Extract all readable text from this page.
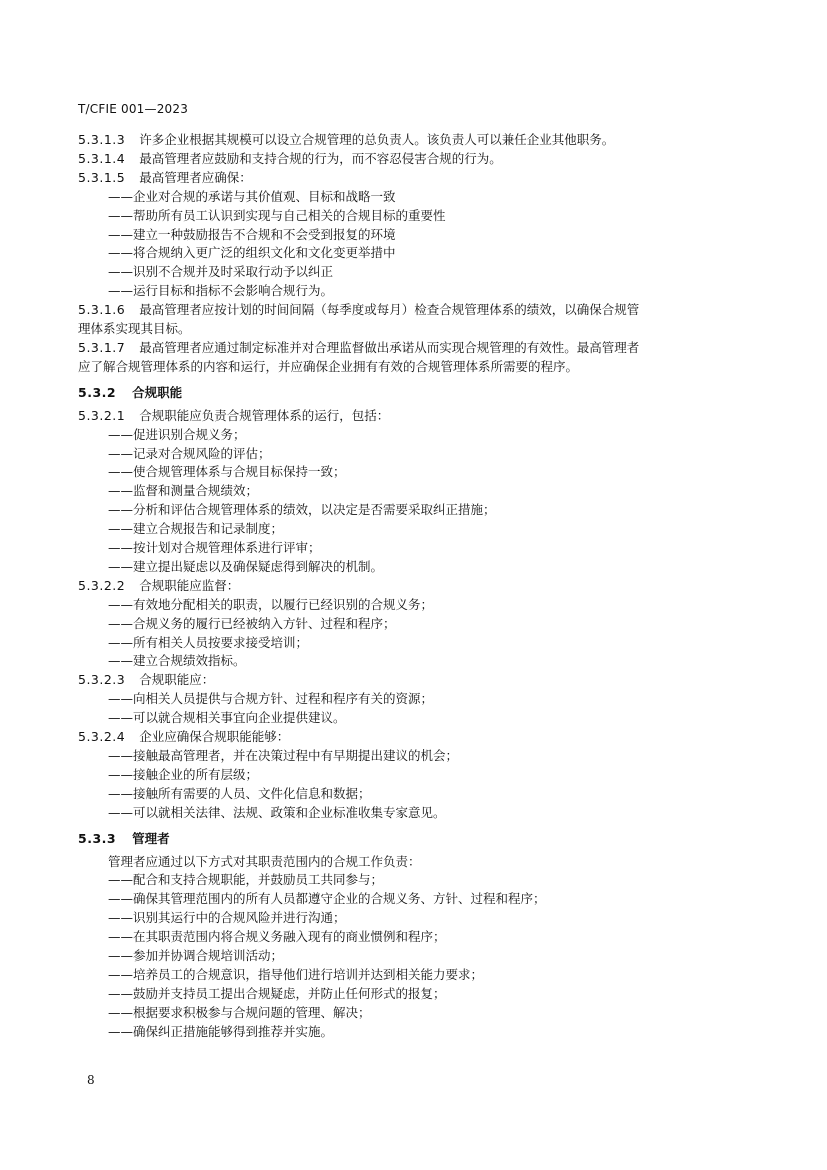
T/CFIE 001—2023
5.3.1.3 许多企业根据其规模可以设立合规管理的总负责人。该负责人可以兼任企业其他职务。
5.3.1.4 最高管理者应鼓励和支持合规的行为，而不容忍侵害合规的行为。
5.3.1.5 最高管理者应确保：
——企业对合规的承诺与其价值观、目标和战略一致
——帮助所有员工认识到实现与自己相关的合规目标的重要性
——建立一种鼓励报告不合规和不会受到报复的环境
——将合规纳入更广泛的组织文化和文化变更举措中
——识别不合规并及时采取行动予以纠正
——运行目标和指标不会影响合规行为。
5.3.1.6 最高管理者应按计划的时间间隔（每季度或每月）检查合规管理体系的绩效，以确保合规管
理体系实现其目标。
5.3.1.7 最高管理者应通过制定标准并对合理监督做出承诺从而实现合规管理的有效性。最高管理者
应了解合规管理体系的内容和运行，并应确保企业拥有有效的合规管理体系所需要的程序。
5.3.2 合规职能
5.3.2.1 合规职能应负责合规管理体系的运行，包括：
——促进识别合规义务；
——记录对合规风险的评估；
——使合规管理体系与合规目标保持一致；
——监督和测量合规绩效；
——分析和评估合规管理体系的绩效，以决定是否需要采取纠正措施；
——建立合规报告和记录制度；
——按计划对合规管理体系进行评审；
——建立提出疑虑以及确保疑虑得到解决的机制。
5.3.2.2 合规职能应监督：
——有效地分配相关的职责，以履行已经识别的合规义务；
——合规义务的履行已经被纳入方针、过程和程序；
——所有相关人员按要求接受培训；
——建立合规绩效指标。
5.3.2.3 合规职能应：
——向相关人员提供与合规方针、过程和程序有关的资源；
——可以就合规相关事宜向企业提供建议。
5.3.2.4 企业应确保合规职能能够：
——接触最高管理者，并在决策过程中有早期提出建议的机会；
——接触企业的所有层级；
——接触所有需要的人员、文件化信息和数据；
——可以就相关法律、法规、政策和企业标准收集专家意见。
5.3.3 管理者
管理者应通过以下方式对其职责范围内的合规工作负责：
——配合和支持合规职能，并鼓励员工共同参与；
——确保其管理范围内的所有人员都遵守企业的合规义务、方针、过程和程序；
——识别其运行中的合规风险并进行沟通；
——在其职责范围内将合规义务融入现有的商业惯例和程序；
——参加并协调合规培训活动；
——培养员工的合规意识，指导他们进行培训并达到相关能力要求；
——鼓励并支持员工提出合规疑虑，并防止任何形式的报复；
——根据要求积极参与合规问题的管理、解决；
——确保纠正措施能够得到推荐并实施。
8
